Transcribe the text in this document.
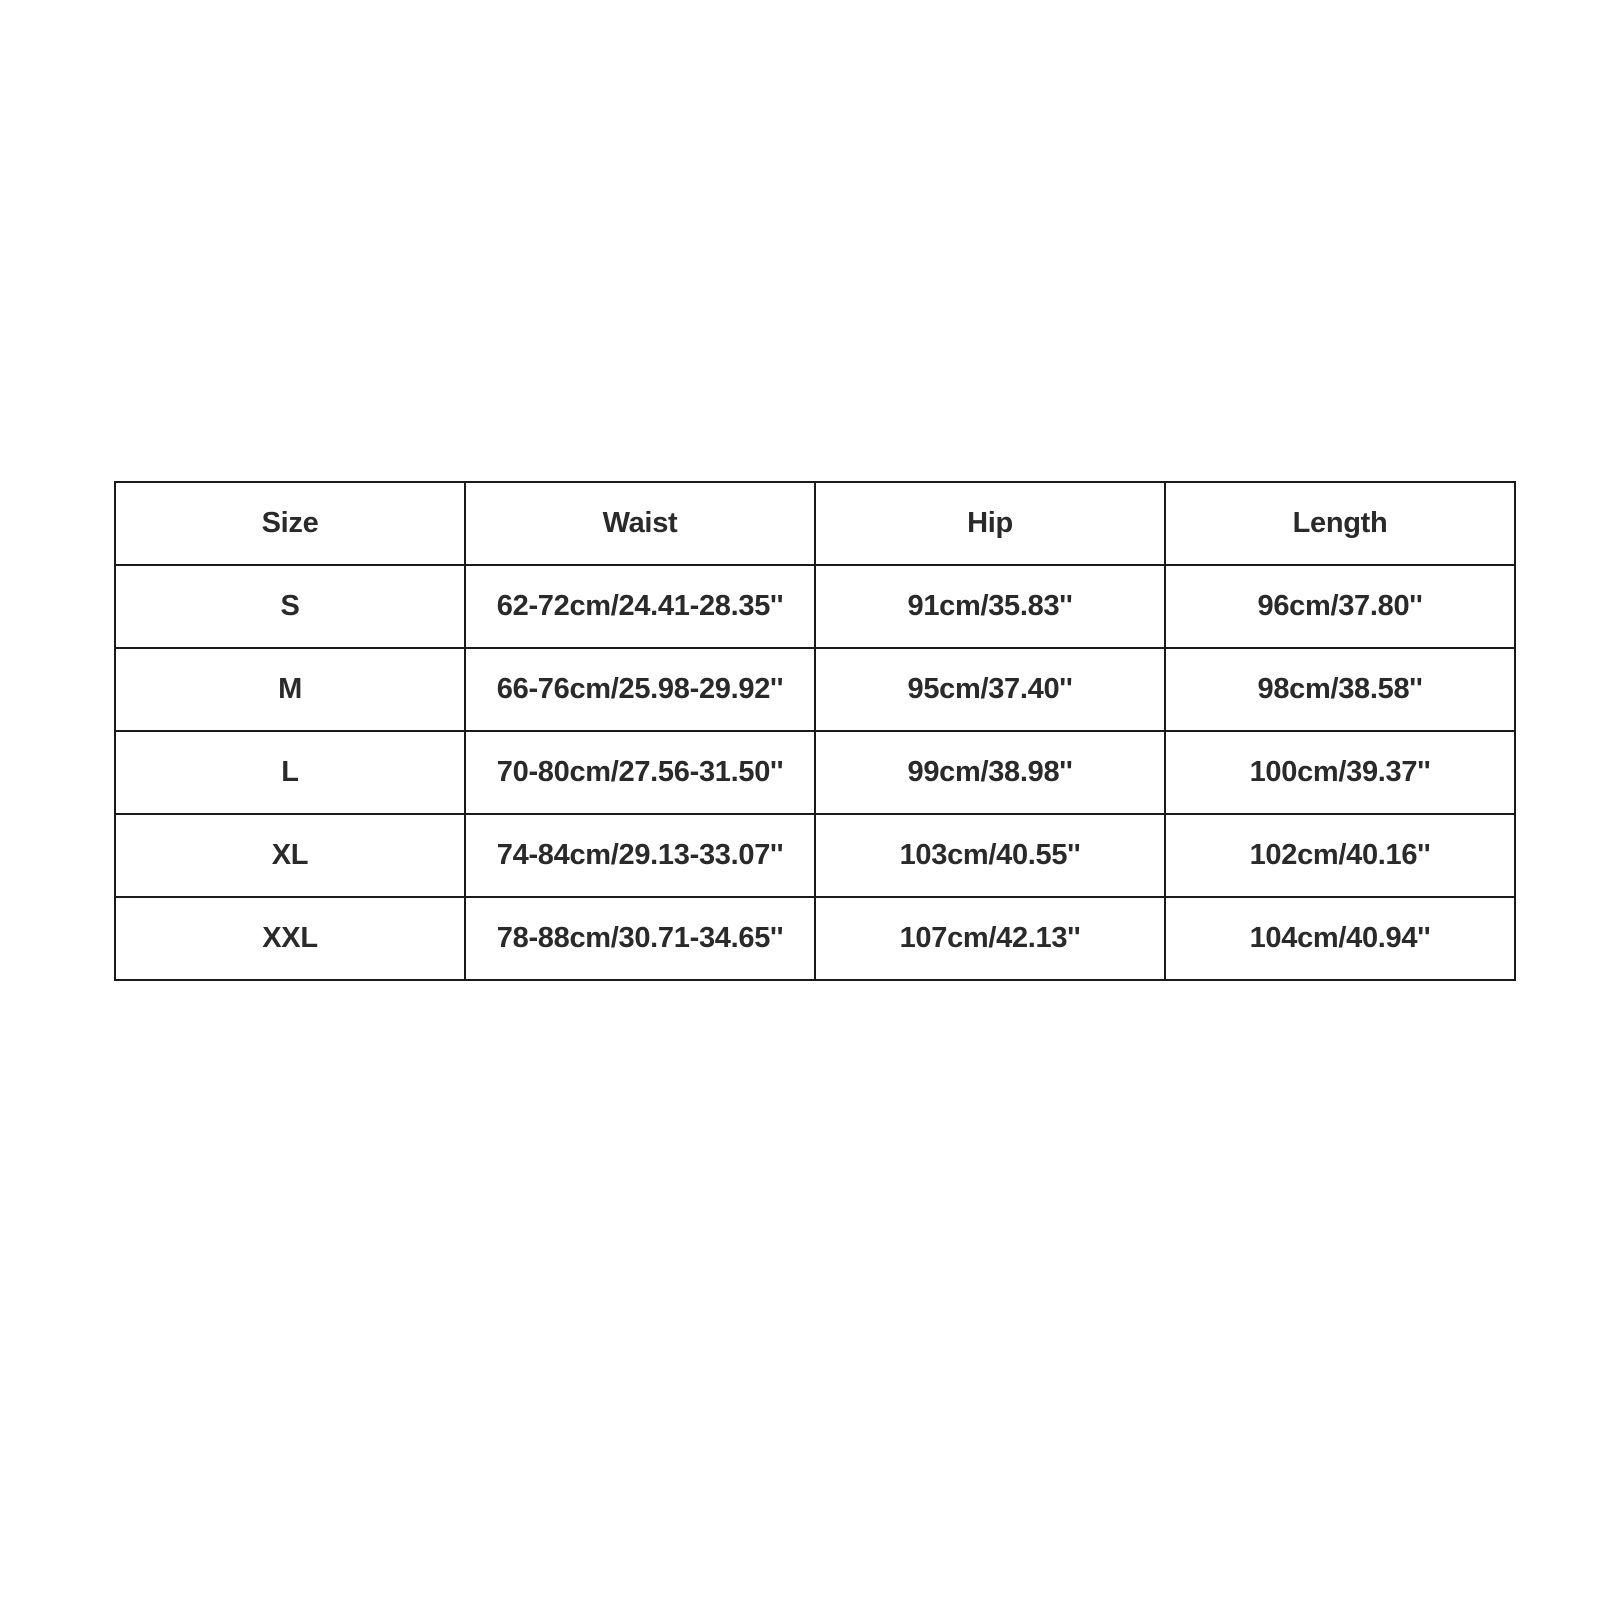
Size	Waist	Hip	Length
S	62-72cm/24.41-28.35''	91cm/35.83''	96cm/37.80''
M	66-76cm/25.98-29.92''	95cm/37.40''	98cm/38.58''
L	70-80cm/27.56-31.50''	99cm/38.98''	100cm/39.37''
XL	74-84cm/29.13-33.07''	103cm/40.55''	102cm/40.16''
XXL	78-88cm/30.71-34.65''	107cm/42.13''	104cm/40.94''
